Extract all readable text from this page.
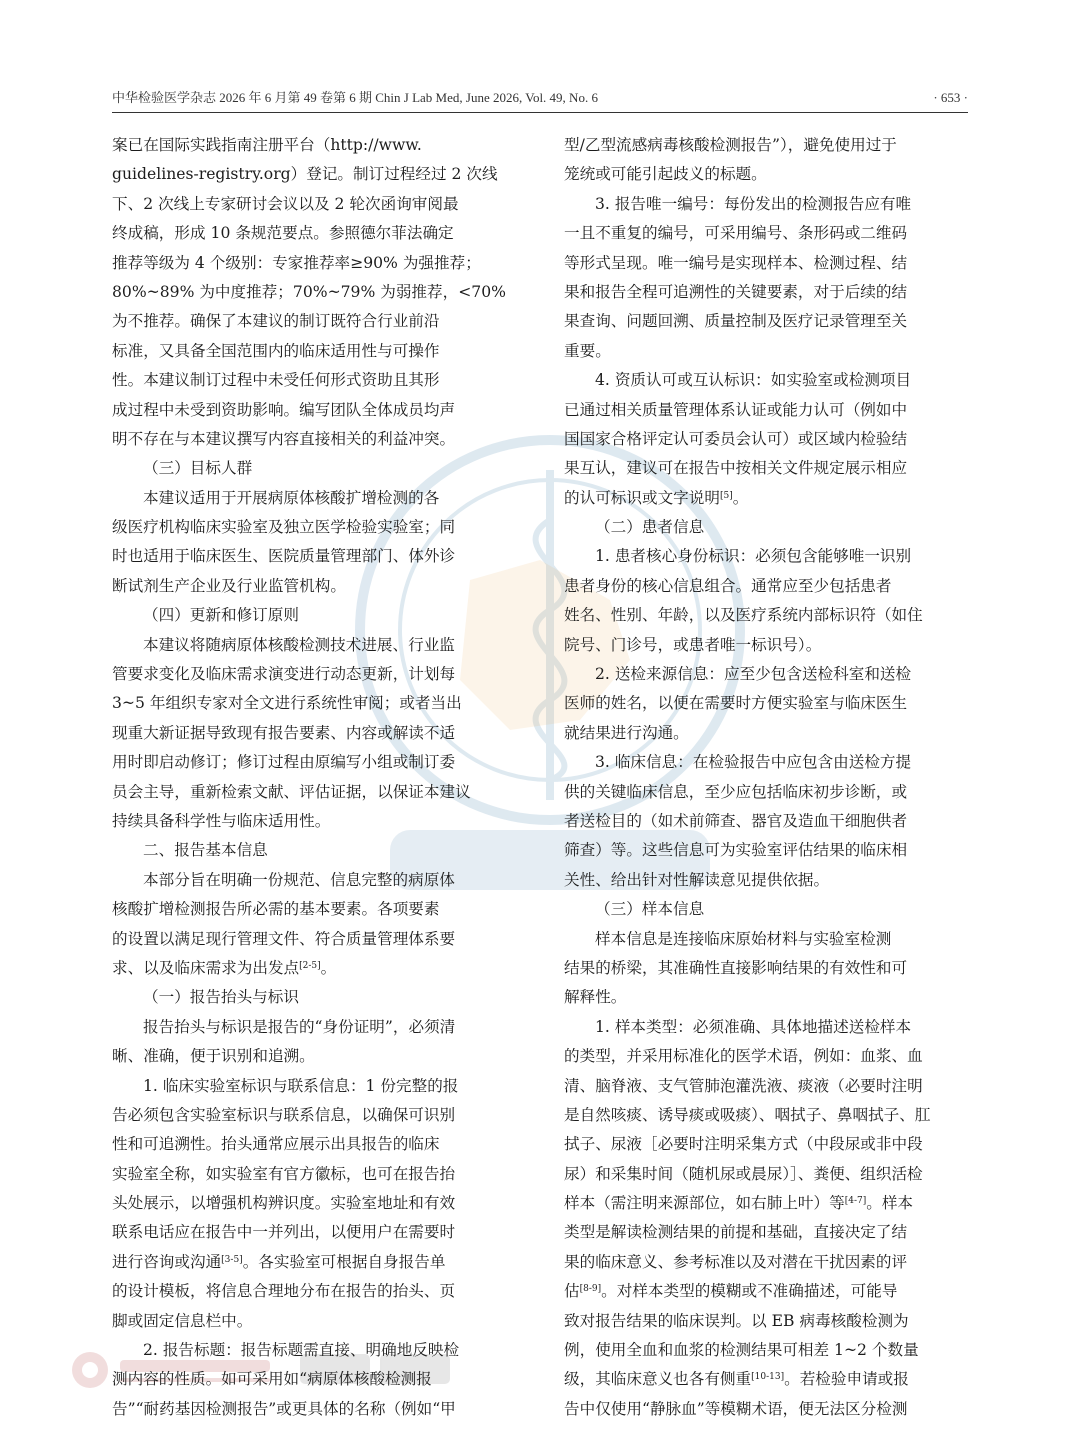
中华检验医学杂志 2026 年 6 月第 49 卷第 6 期 Chin J Lab Med, June 2026, Vol. 49, No. 6	· 653 ·
案已在国际实践指南注册平台（http://www.
guidelines-registry.org）登记。制订过程经过 2 次线
下、2 次线上专家研讨会议以及 2 轮次函询审阅最
终成稿，形成 10 条规范要点。参照德尔菲法确定
推荐等级为 4 个级别：专家推荐率≥90% 为强推荐；
80%~89% 为中度推荐；70%~79% 为弱推荐，<70%
为不推荐。确保了本建议的制订既符合行业前沿
标准，又具备全国范围内的临床适用性与可操作
性。本建议制订过程中未受任何形式资助且其形
成过程中未受到资助影响。编写团队全体成员均声
明不存在与本建议撰写内容直接相关的利益冲突。
（三）目标人群
本建议适用于开展病原体核酸扩增检测的各
级医疗机构临床实验室及独立医学检验实验室；同
时也适用于临床医生、医院质量管理部门、体外诊
断试剂生产企业及行业监管机构。
（四）更新和修订原则
本建议将随病原体核酸检测技术进展、行业监
管要求变化及临床需求演变进行动态更新，计划每
3~5 年组织专家对全文进行系统性审阅；或者当出
现重大新证据导致现有报告要素、内容或解读不适
用时即启动修订；修订过程由原编写小组或制订委
员会主导，重新检索文献、评估证据，以保证本建议
持续具备科学性与临床适用性。
二、报告基本信息
本部分旨在明确一份规范、信息完整的病原体
核酸扩增检测报告所必需的基本要素。各项要素
的设置以满足现行管理文件、符合质量管理体系要
求、以及临床需求为出发点[2-5]。
（一）报告抬头与标识
报告抬头与标识是报告的“身份证明”，必须清
晰、准确，便于识别和追溯。
1. 临床实验室标识与联系信息：1 份完整的报
告必须包含实验室标识与联系信息，以确保可识别
性和可追溯性。抬头通常应展示出具报告的临床
实验室全称，如实验室有官方徽标，也可在报告抬
头处展示，以增强机构辨识度。实验室地址和有效
联系电话应在报告中一并列出，以便用户在需要时
进行咨询或沟通[3-5]。各实验室可根据自身报告单
的设计模板，将信息合理地分布在报告的抬头、页
脚或固定信息栏中。
2. 报告标题：报告标题需直接、明确地反映检
测内容的性质。如可采用如“病原体核酸检测报
告”“耐药基因检测报告”或更具体的名称（例如“甲
型/乙型流感病毒核酸检测报告”），避免使用过于
笼统或可能引起歧义的标题。
3. 报告唯一编号：每份发出的检测报告应有唯
一且不重复的编号，可采用编号、条形码或二维码
等形式呈现。唯一编号是实现样本、检测过程、结
果和报告全程可追溯性的关键要素，对于后续的结
果查询、问题回溯、质量控制及医疗记录管理至关
重要。
4. 资质认可或互认标识：如实验室或检测项目
已通过相关质量管理体系认证或能力认可（例如中
国国家合格评定认可委员会认可）或区域内检验结
果互认，建议可在报告中按相关文件规定展示相应
的认可标识或文字说明[5]。
（二）患者信息
1. 患者核心身份标识：必须包含能够唯一识别
患者身份的核心信息组合。通常应至少包括患者
姓名、性别、年龄，以及医疗系统内部标识符（如住
院号、门诊号，或患者唯一标识号）。
2. 送检来源信息：应至少包含送检科室和送检
医师的姓名，以便在需要时方便实验室与临床医生
就结果进行沟通。
3. 临床信息：在检验报告中应包含由送检方提
供的关键临床信息，至少应包括临床初步诊断，或
者送检目的（如术前筛查、器官及造血干细胞供者
筛查）等。这些信息可为实验室评估结果的临床相
关性、给出针对性解读意见提供依据。
（三）样本信息
样本信息是连接临床原始材料与实验室检测
结果的桥梁，其准确性直接影响结果的有效性和可
解释性。
1. 样本类型：必须准确、具体地描述送检样本
的类型，并采用标准化的医学术语，例如：血浆、血
清、脑脊液、支气管肺泡灌洗液、痰液（必要时注明
是自然咳痰、诱导痰或吸痰）、咽拭子、鼻咽拭子、肛
拭子、尿液［必要时注明采集方式（中段尿或非中段
尿）和采集时间（随机尿或晨尿）］、粪便、组织活检
样本（需注明来源部位，如右肺上叶）等[4-7]。样本
类型是解读检测结果的前提和基础，直接决定了结
果的临床意义、参考标准以及对潜在干扰因素的评
估[8-9]。对样本类型的模糊或不准确描述，可能导
致对报告结果的临床误判。以 EB 病毒核酸检测为
例，使用全血和血浆的检测结果可相差 1~2 个数量
级，其临床意义也各有侧重[10-13]。若检验申请或报
告中仅使用“静脉血”等模糊术语，便无法区分检测
